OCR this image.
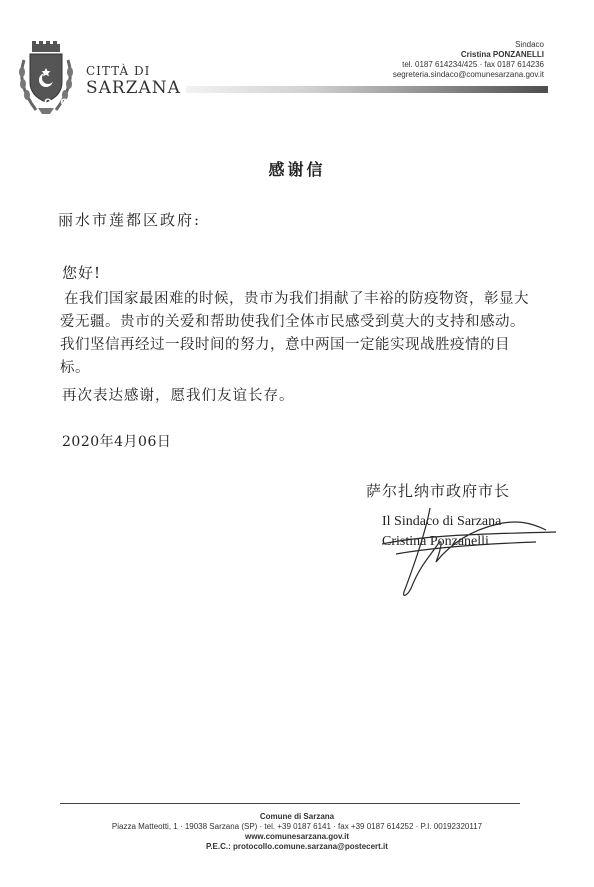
OPQL
CITTÀ DI
SARZANA
Sindaco
Cristina PONZANELLI
tel. 0187 614234/425 · fax 0187 614236
segreteria.sindaco@comunesarzana.gov.it
感谢信
丽水市莲都区政府:
您好!
在我们国家最困难的时候，贵市为我们捐献了丰裕的防疫物资，彰显大爱无疆。贵市的关爱和帮助使我们全体市民感受到莫大的支持和感动。我们坚信再经过一段时间的努力，意中两国一定能实现战胜疫情的目标。
再次表达感谢，愿我们友谊长存。
2020年4月06日
萨尔扎纳市政府市长
Il Sindaco di Sarzana
Cristina Ponzanelli
Comune di Sarzana
Piazza Matteotti, 1 · 19038 Sarzana (SP) · tel. +39 0187 6141 · fax +39 0187 614252 · P.I. 00192320117
www.comunesarzana.gov.it
P.E.C.: protocollo.comune.sarzana@postecert.it
